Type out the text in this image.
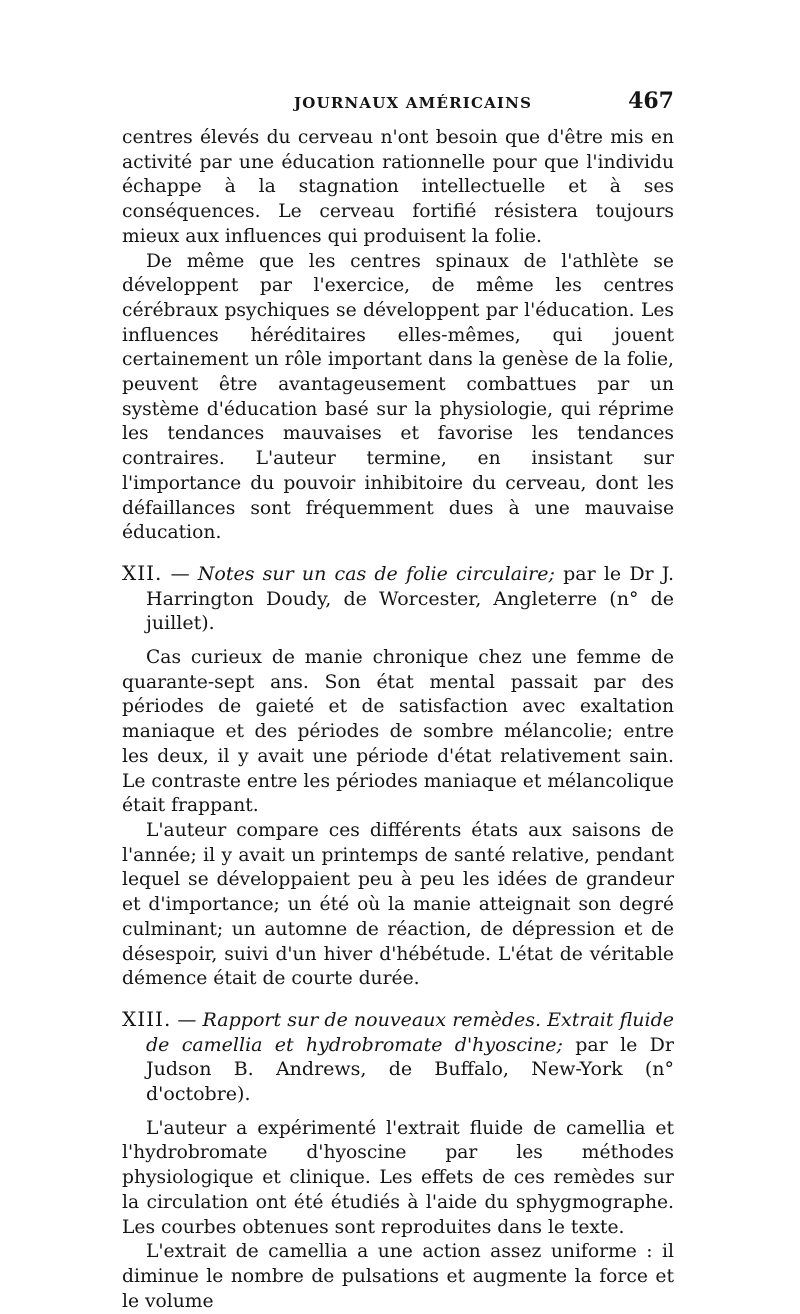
JOURNAUX AMÉRICAINS	467

centres élevés du cerveau n'ont besoin que d'être mis en activité par une éducation rationnelle pour que l'individu échappe à la stagnation intellectuelle et à ses conséquences. Le cerveau fortifié résistera toujours mieux aux influences qui produisent la folie.

De même que les centres spinaux de l'athlète se développent par l'exercice, de même les centres cérébraux psychiques se développent par l'éducation. Les influences héréditaires elles-mêmes, qui jouent certainement un rôle important dans la genèse de la folie, peuvent être avantageusement combattues par un système d'éducation basé sur la physiologie, qui réprime les tendances mauvaises et favorise les tendances contraires. L'auteur termine, en insistant sur l'importance du pouvoir inhibitoire du cerveau, dont les défaillances sont fréquemment dues à une mauvaise éducation.

XII. — Notes sur un cas de folie circulaire; par le Dr J. Harrington Doudy, de Worcester, Angleterre (n° de juillet).

Cas curieux de manie chronique chez une femme de quarante-sept ans. Son état mental passait par des périodes de gaieté et de satisfaction avec exaltation maniaque et des périodes de sombre mélancolie; entre les deux, il y avait une période d'état relativement sain. Le contraste entre les périodes maniaque et mélancolique était frappant.

L'auteur compare ces différents états aux saisons de l'année; il y avait un printemps de santé relative, pendant lequel se développaient peu à peu les idées de grandeur et d'importance; un été où la manie atteignait son degré culminant; un automne de réaction, de dépression et de désespoir, suivi d'un hiver d'hébétude. L'état de véritable démence était de courte durée.

XIII. — Rapport sur de nouveaux remèdes. Extrait fluide de camellia et hydrobromate d'hyoscine; par le Dr Judson B. Andrews, de Buffalo, New-York (n° d'octobre).

L'auteur a expérimenté l'extrait fluide de camellia et l'hydrobromate d'hyoscine par les méthodes physiologique et clinique. Les effets de ces remèdes sur la circulation ont été étudiés à l'aide du sphygmographe. Les courbes obtenues sont reproduites dans le texte.

L'extrait de camellia a une action assez uniforme : il diminue le nombre de pulsations et augmente la force et le volume
